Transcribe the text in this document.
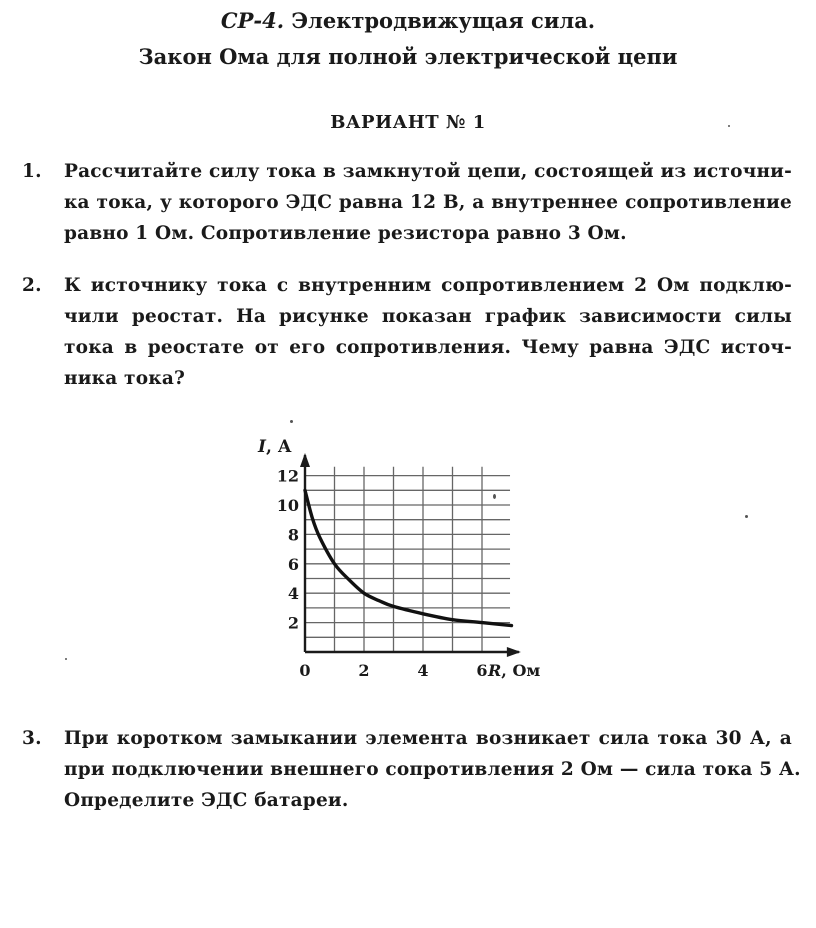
СР-4. Электродвижущая сила.
Закон Ома для полной электрической цепи
ВАРИАНТ № 1
1.	Рассчитайте силу тока в замкнутой цепи, состоящей из источни-
ка тока, у которого ЭДС равна 12 В, а внутреннее сопротивление
равно 1 Ом. Сопротивление резистора равно 3 Ом.
2.	К источнику тока с внутренним сопротивлением 2 Ом подклю-
чили реостат. На рисунке показан график зависимости силы
тока в реостате от его сопротивления. Чему равна ЭДС источ-
ника тока?
0	2	4	6
2
4
6
8
10
12
I, А
R, Ом
3.	При коротком замыкании элемента возникает сила тока 30 А, а
при подключении внешнего сопротивления 2 Ом — сила тока 5 А.
Определите ЭДС батареи.
